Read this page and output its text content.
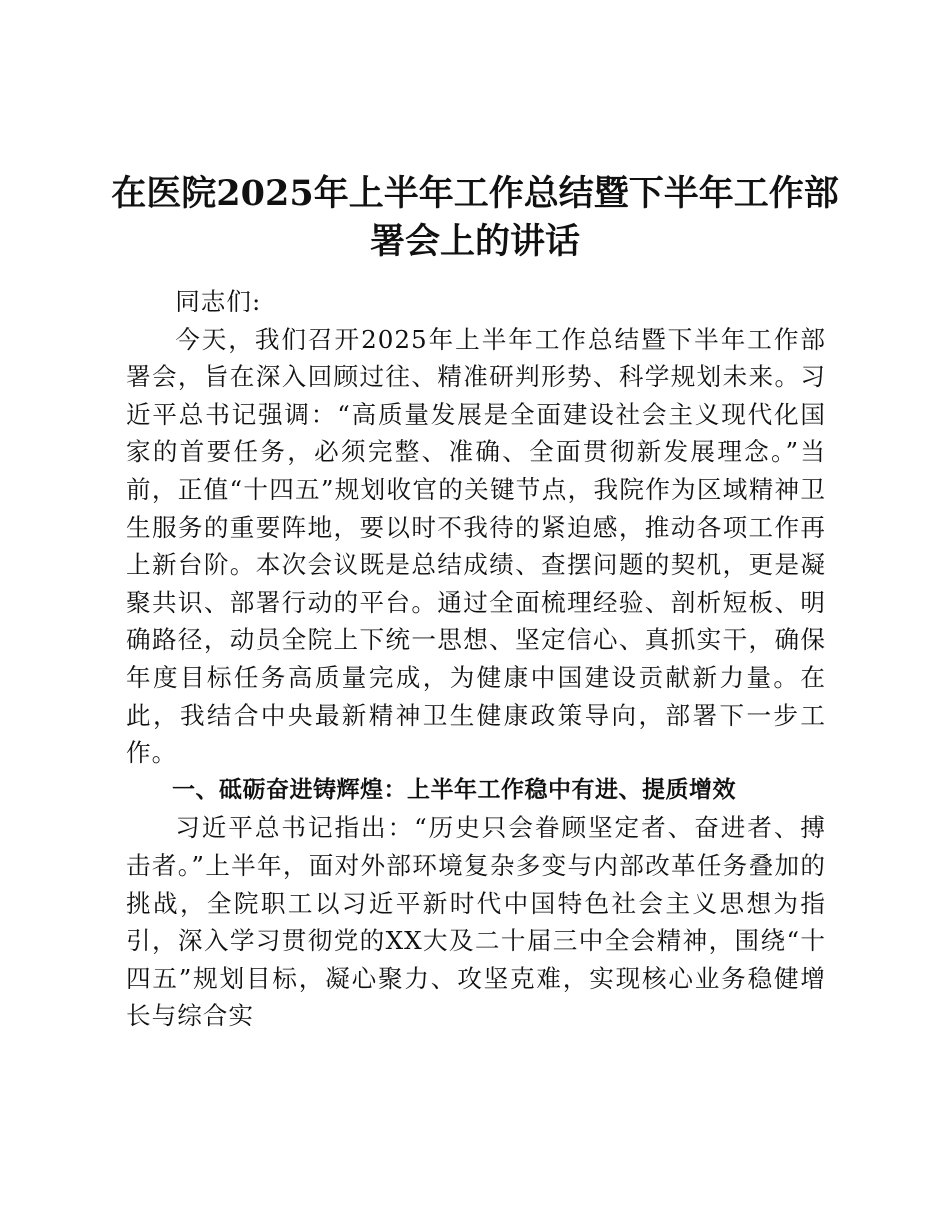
在医院2025年上半年工作总结暨下半年工作部署会上的讲话

同志们:

今天，我们召开2025年上半年工作总结暨下半年工作部署会，旨在深入回顾过往、精准研判形势、科学规划未来。习近平总书记强调：“高质量发展是全面建设社会主义现代化国家的首要任务，必须完整、准确、全面贯彻新发展理念。”当前，正值“十四五”规划收官的关键节点，我院作为区域精神卫生服务的重要阵地，要以时不我待的紧迫感，推动各项工作再上新台阶。本次会议既是总结成绩、查摆问题的契机，更是凝聚共识、部署行动的平台。通过全面梳理经验、剖析短板、明确路径，动员全院上下统一思想、坚定信心、真抓实干，确保年度目标任务高质量完成，为健康中国建设贡献新力量。在此，我结合中央最新精神卫生健康政策导向，部署下一步工作。

一、砥砺奋进铸辉煌：上半年工作稳中有进、提质增效

习近平总书记指出：“历史只会眷顾坚定者、奋进者、搏击者。”上半年，面对外部环境复杂多变与内部改革任务叠加的挑战，全院职工以习近平新时代中国特色社会主义思想为指引，深入学习贯彻党的XX大及二十届三中全会精神，围绕“十四五”规划目标，凝心聚力、攻坚克难，实现核心业务稳健增长与综合实
